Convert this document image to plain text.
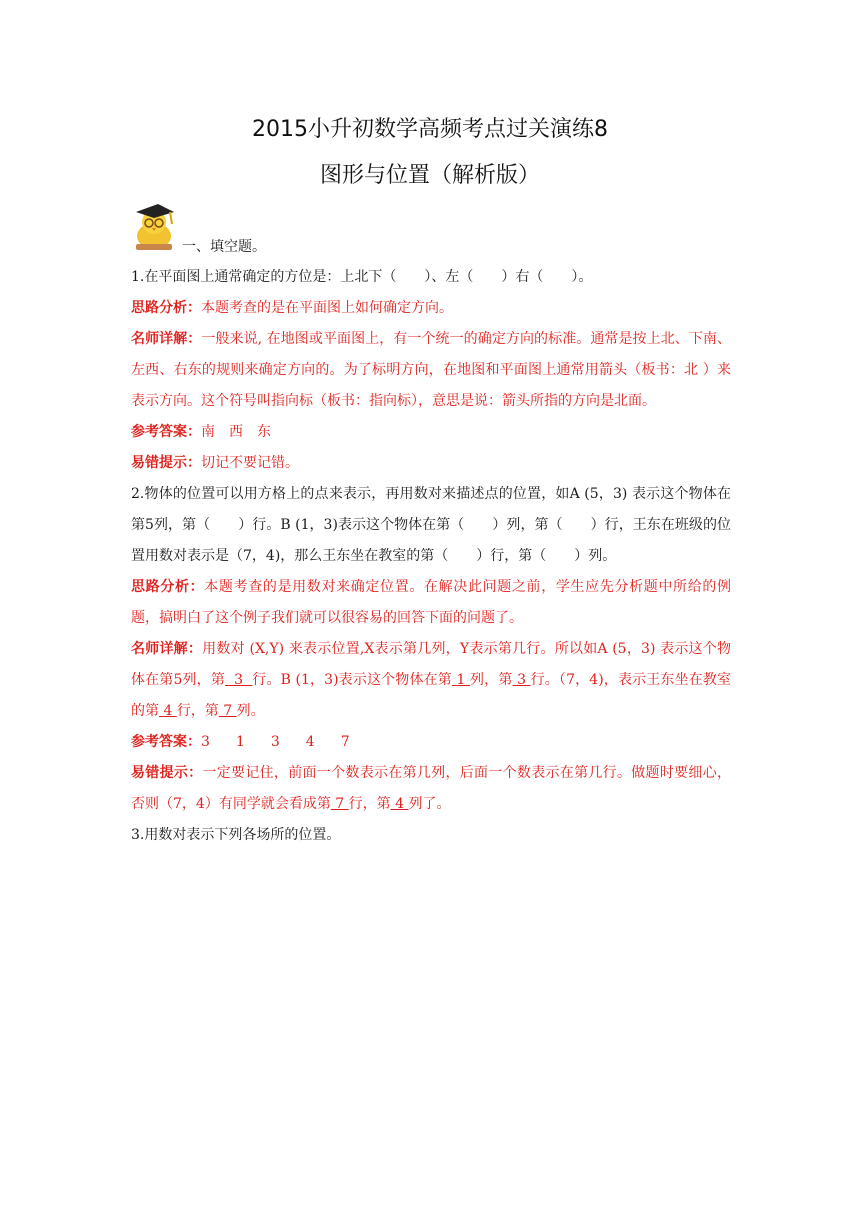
2015小升初数学高频考点过关演练8
图形与位置（解析版）
一、填空题。

1.在平面图上通常确定的方位是：上北下（　　）、左（　　）右（　　）。

思路分析：本题考查的是在平面图上如何确定方向。

名师详解：一般来说, 在地图或平面图上，有一个统一的确定方向的标准。通常是按上北、下南、左西、右东的规则来确定方向的。为了标明方向，在地图和平面图上通常用箭头（板书：北 ）来表示方向。这个符号叫指向标（板书：指向标），意思是说：箭头所指的方向是北面。

参考答案：南　西　东

易错提示：切记不要记错。

2.物体的位置可以用方格上的点来表示，再用数对来描述点的位置，如A (5，3) 表示这个物体在第5列，第（　　）行。B (1，3)表示这个物体在第（　　）列，第（　　）行，王东在班级的位置用数对表示是（7，4)，那么王东坐在教室的第（　　）行，第（　　）列。

思路分析：本题考查的是用数对来确定位置。在解决此问题之前，学生应先分析题中所给的例题，搞明白了这个例子我们就可以很容易的回答下面的问题了。

名师详解：用数对 (X,Y) 来表示位置,X表示第几列，Y表示第几行。所以如A (5，3) 表示这个物体在第5列，第  3  行。B (1，3)表示这个物体在第 1 列，第 3 行。（7，4)，表示王东坐在教室的第 4 行，第 7 列。

参考答案：3 1 3 4 7

易错提示：一定要记住，前面一个数表示在第几列，后面一个数表示在第几行。做题时要细心，否则（7，4）有同学就会看成第 7 行，第 4 列了。

3.用数对表示下列各场所的位置。
